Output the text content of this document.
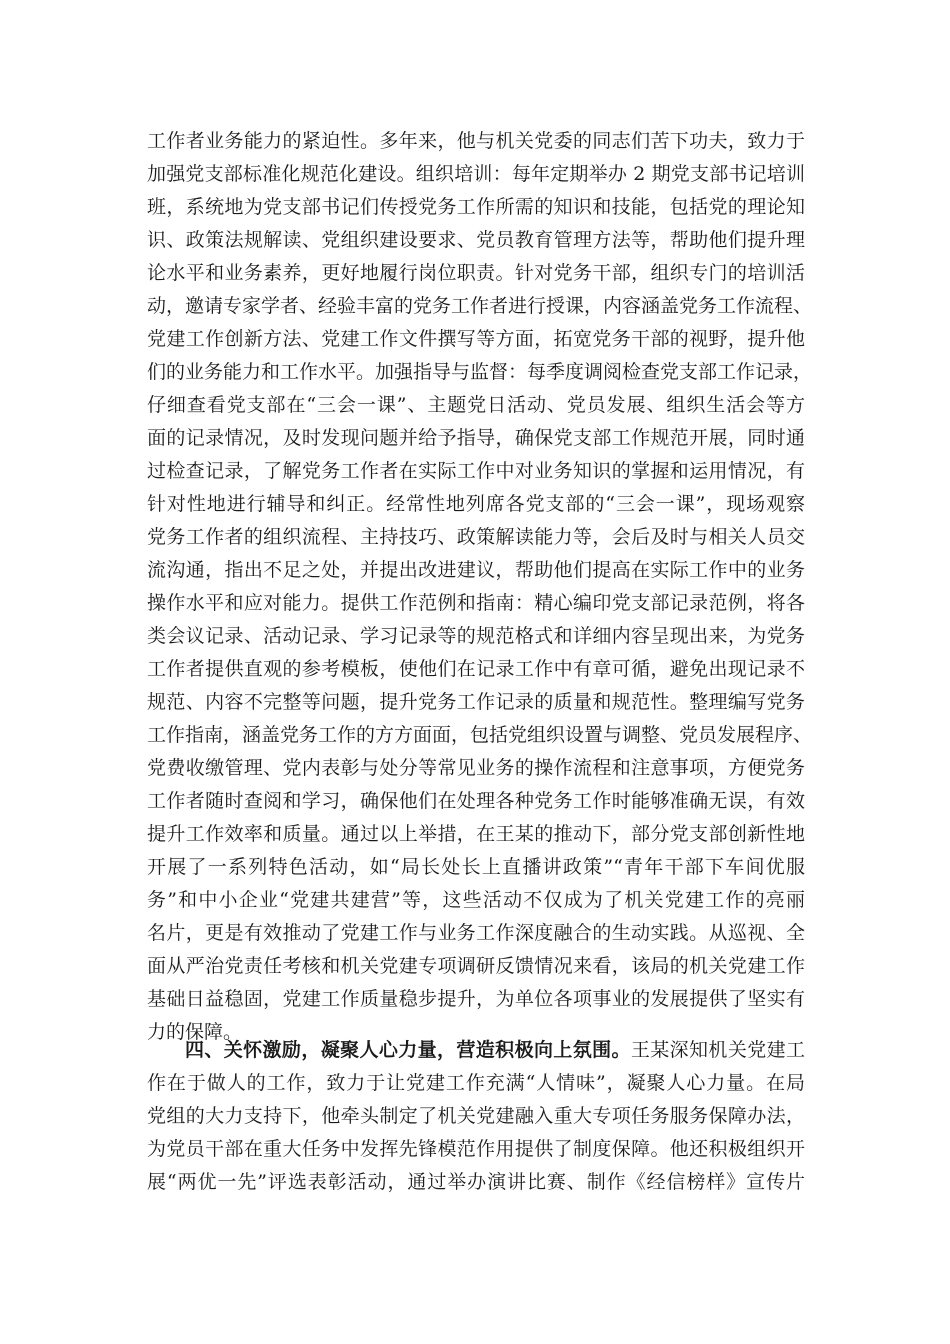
工作者业务能力的紧迫性。多年来，他与机关党委的同志们苦下功夫，致力于
加强党支部标准化规范化建设。组织培训：每年定期举办 2 期党支部书记培训
班，系统地为党支部书记们传授党务工作所需的知识和技能，包括党的理论知
识、政策法规解读、党组织建设要求、党员教育管理方法等，帮助他们提升理
论水平和业务素养，更好地履行岗位职责。针对党务干部，组织专门的培训活
动，邀请专家学者、经验丰富的党务工作者进行授课，内容涵盖党务工作流程、
党建工作创新方法、党建工作文件撰写等方面，拓宽党务干部的视野，提升他
们的业务能力和工作水平。加强指导与监督：每季度调阅检查党支部工作记录，
仔细查看党支部在“三会一课”、主题党日活动、党员发展、组织生活会等方
面的记录情况，及时发现问题并给予指导，确保党支部工作规范开展，同时通
过检查记录，了解党务工作者在实际工作中对业务知识的掌握和运用情况，有
针对性地进行辅导和纠正。经常性地列席各党支部的“三会一课”，现场观察
党务工作者的组织流程、主持技巧、政策解读能力等，会后及时与相关人员交
流沟通，指出不足之处，并提出改进建议，帮助他们提高在实际工作中的业务
操作水平和应对能力。提供工作范例和指南：精心编印党支部记录范例，将各
类会议记录、活动记录、学习记录等的规范格式和详细内容呈现出来，为党务
工作者提供直观的参考模板，使他们在记录工作中有章可循，避免出现记录不
规范、内容不完整等问题，提升党务工作记录的质量和规范性。整理编写党务
工作指南，涵盖党务工作的方方面面，包括党组织设置与调整、党员发展程序、
党费收缴管理、党内表彰与处分等常见业务的操作流程和注意事项，方便党务
工作者随时查阅和学习，确保他们在处理各种党务工作时能够准确无误，有效
提升工作效率和质量。通过以上举措，在王某的推动下，部分党支部创新性地
开展了一系列特色活动，如“局长处长上直播讲政策”“青年干部下车间优服
务”和中小企业“党建共建营”等，这些活动不仅成为了机关党建工作的亮丽
名片，更是有效推动了党建工作与业务工作深度融合的生动实践。从巡视、全
面从严治党责任考核和机关党建专项调研反馈情况来看，该局的机关党建工作
基础日益稳固，党建工作质量稳步提升，为单位各项事业的发展提供了坚实有
力的保障。
四、关怀激励，凝聚人心力量，营造积极向上氛围。王某深知机关党建工
作在于做人的工作，致力于让党建工作充满“人情味”，凝聚人心力量。在局
党组的大力支持下，他牵头制定了机关党建融入重大专项任务服务保障办法，
为党员干部在重大任务中发挥先锋模范作用提供了制度保障。他还积极组织开
展“两优一先”评选表彰活动，通过举办演讲比赛、制作《经信榜样》宣传片
